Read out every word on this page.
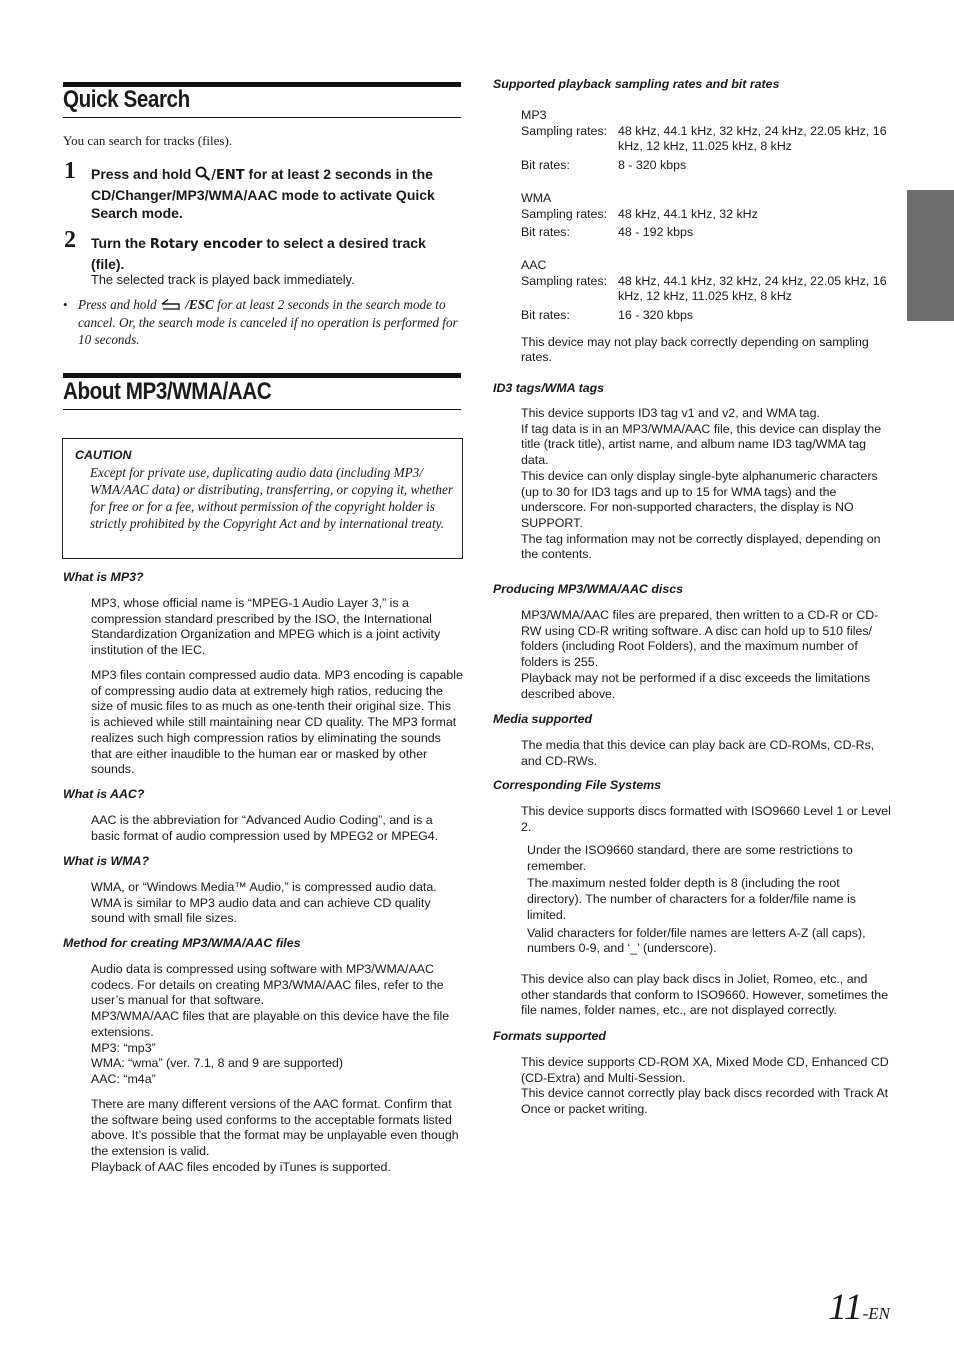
Quick Search

You can search for tracks (files).

1 Press and hold /ENT for at least 2 seconds in the CD/Changer/MP3/WMA/AAC mode to activate Quick Search mode.

2 Turn the Rotary encoder to select a desired track (file).

The selected track is played back immediately.

• Press and hold  /ESC for at least 2 seconds in the search mode to cancel. Or, the search mode is canceled if no operation is performed for 10 seconds.

About MP3/WMA/AAC
CAUTION

Except for private use, duplicating audio data (including MP3/ WMA/AAC data) or distributing, transferring, or copying it, whether for free or for a fee, without permission of the copyright holder is strictly prohibited by the Copyright Act and by international treaty.

What is MP3?

MP3, whose official name is “MPEG-1 Audio Layer 3,” is a compression standard prescribed by the ISO, the International Standardization Organization and MPEG which is a joint activity institution of the IEC.

MP3 files contain compressed audio data. MP3 encoding is capable of compressing audio data at extremely high ratios, reducing the size of music files to as much as one-tenth their original size. This is achieved while still maintaining near CD quality. The MP3 format realizes such high compression ratios by eliminating the sounds that are either inaudible to the human ear or masked by other sounds.

What is AAC?

AAC is the abbreviation for “Advanced Audio Coding”, and is a basic format of audio compression used by MPEG2 or MPEG4.

What is WMA?

WMA, or “Windows Media™ Audio,” is compressed audio data. WMA is similar to MP3 audio data and can achieve CD quality sound with small file sizes.

Method for creating MP3/WMA/AAC files

Audio data is compressed using software with MP3/WMA/AAC codecs. For details on creating MP3/WMA/AAC files, refer to the user’s manual for that software.

MP3/WMA/AAC files that are playable on this device have the file extensions.

MP3: “mp3”

WMA: “wma” (ver. 7.1, 8 and 9 are supported)

AAC: “m4a”

There are many different versions of the AAC format. Confirm that the software being used conforms to the acceptable formats listed above. It’s possible that the format may be unplayable even though the extension is valid.

Playback of AAC files encoded by iTunes is supported.

Supported playback sampling rates and bit rates

MP3

Sampling rates:	48 kHz, 44.1 kHz, 32 kHz, 24 kHz, 22.05 kHz, 16 kHz, 12 kHz, 11.025 kHz, 8 kHz
Bit rates:	8 - 320 kbps

WMA

Sampling rates:	48 kHz, 44.1 kHz, 32 kHz
Bit rates:	48 - 192 kbps

AAC

Sampling rates:	48 kHz, 44.1 kHz, 32 kHz, 24 kHz, 22.05 kHz, 16 kHz, 12 kHz, 11.025 kHz, 8 kHz
Bit rates:	16 - 320 kbps

This device may not play back correctly depending on sampling rates.

ID3 tags/WMA tags

This device supports ID3 tag v1 and v2, and WMA tag.

If tag data is in an MP3/WMA/AAC file, this device can display the title (track title), artist name, and album name ID3 tag/WMA tag data.

This device can only display single-byte alphanumeric characters (up to 30 for ID3 tags and up to 15 for WMA tags) and the underscore. For non-supported characters, the display is NO SUPPORT.

The tag information may not be correctly displayed, depending on the contents.

Producing MP3/WMA/AAC discs

MP3/WMA/AAC files are prepared, then written to a CD-R or CD-RW using CD-R writing software. A disc can hold up to 510 files/ folders (including Root Folders), and the maximum number of folders is 255.

Playback may not be performed if a disc exceeds the limitations described above.

Media supported

The media that this device can play back are CD-ROMs, CD-Rs, and CD-RWs.

Corresponding File Systems

This device supports discs formatted with ISO9660 Level 1 or Level 2.

Under the ISO9660 standard, there are some restrictions to remember.

The maximum nested folder depth is 8 (including the root directory). The number of characters for a folder/file name is limited.

Valid characters for folder/file names are letters A-Z (all caps), numbers 0-9, and ‘_’ (underscore).

This device also can play back discs in Joliet, Romeo, etc., and other standards that conform to ISO9660. However, sometimes the file names, folder names, etc., are not displayed correctly.

Formats supported

This device supports CD-ROM XA, Mixed Mode CD, Enhanced CD (CD-Extra) and Multi-Session.

This device cannot correctly play back discs recorded with Track At Once or packet writing.

11-EN
